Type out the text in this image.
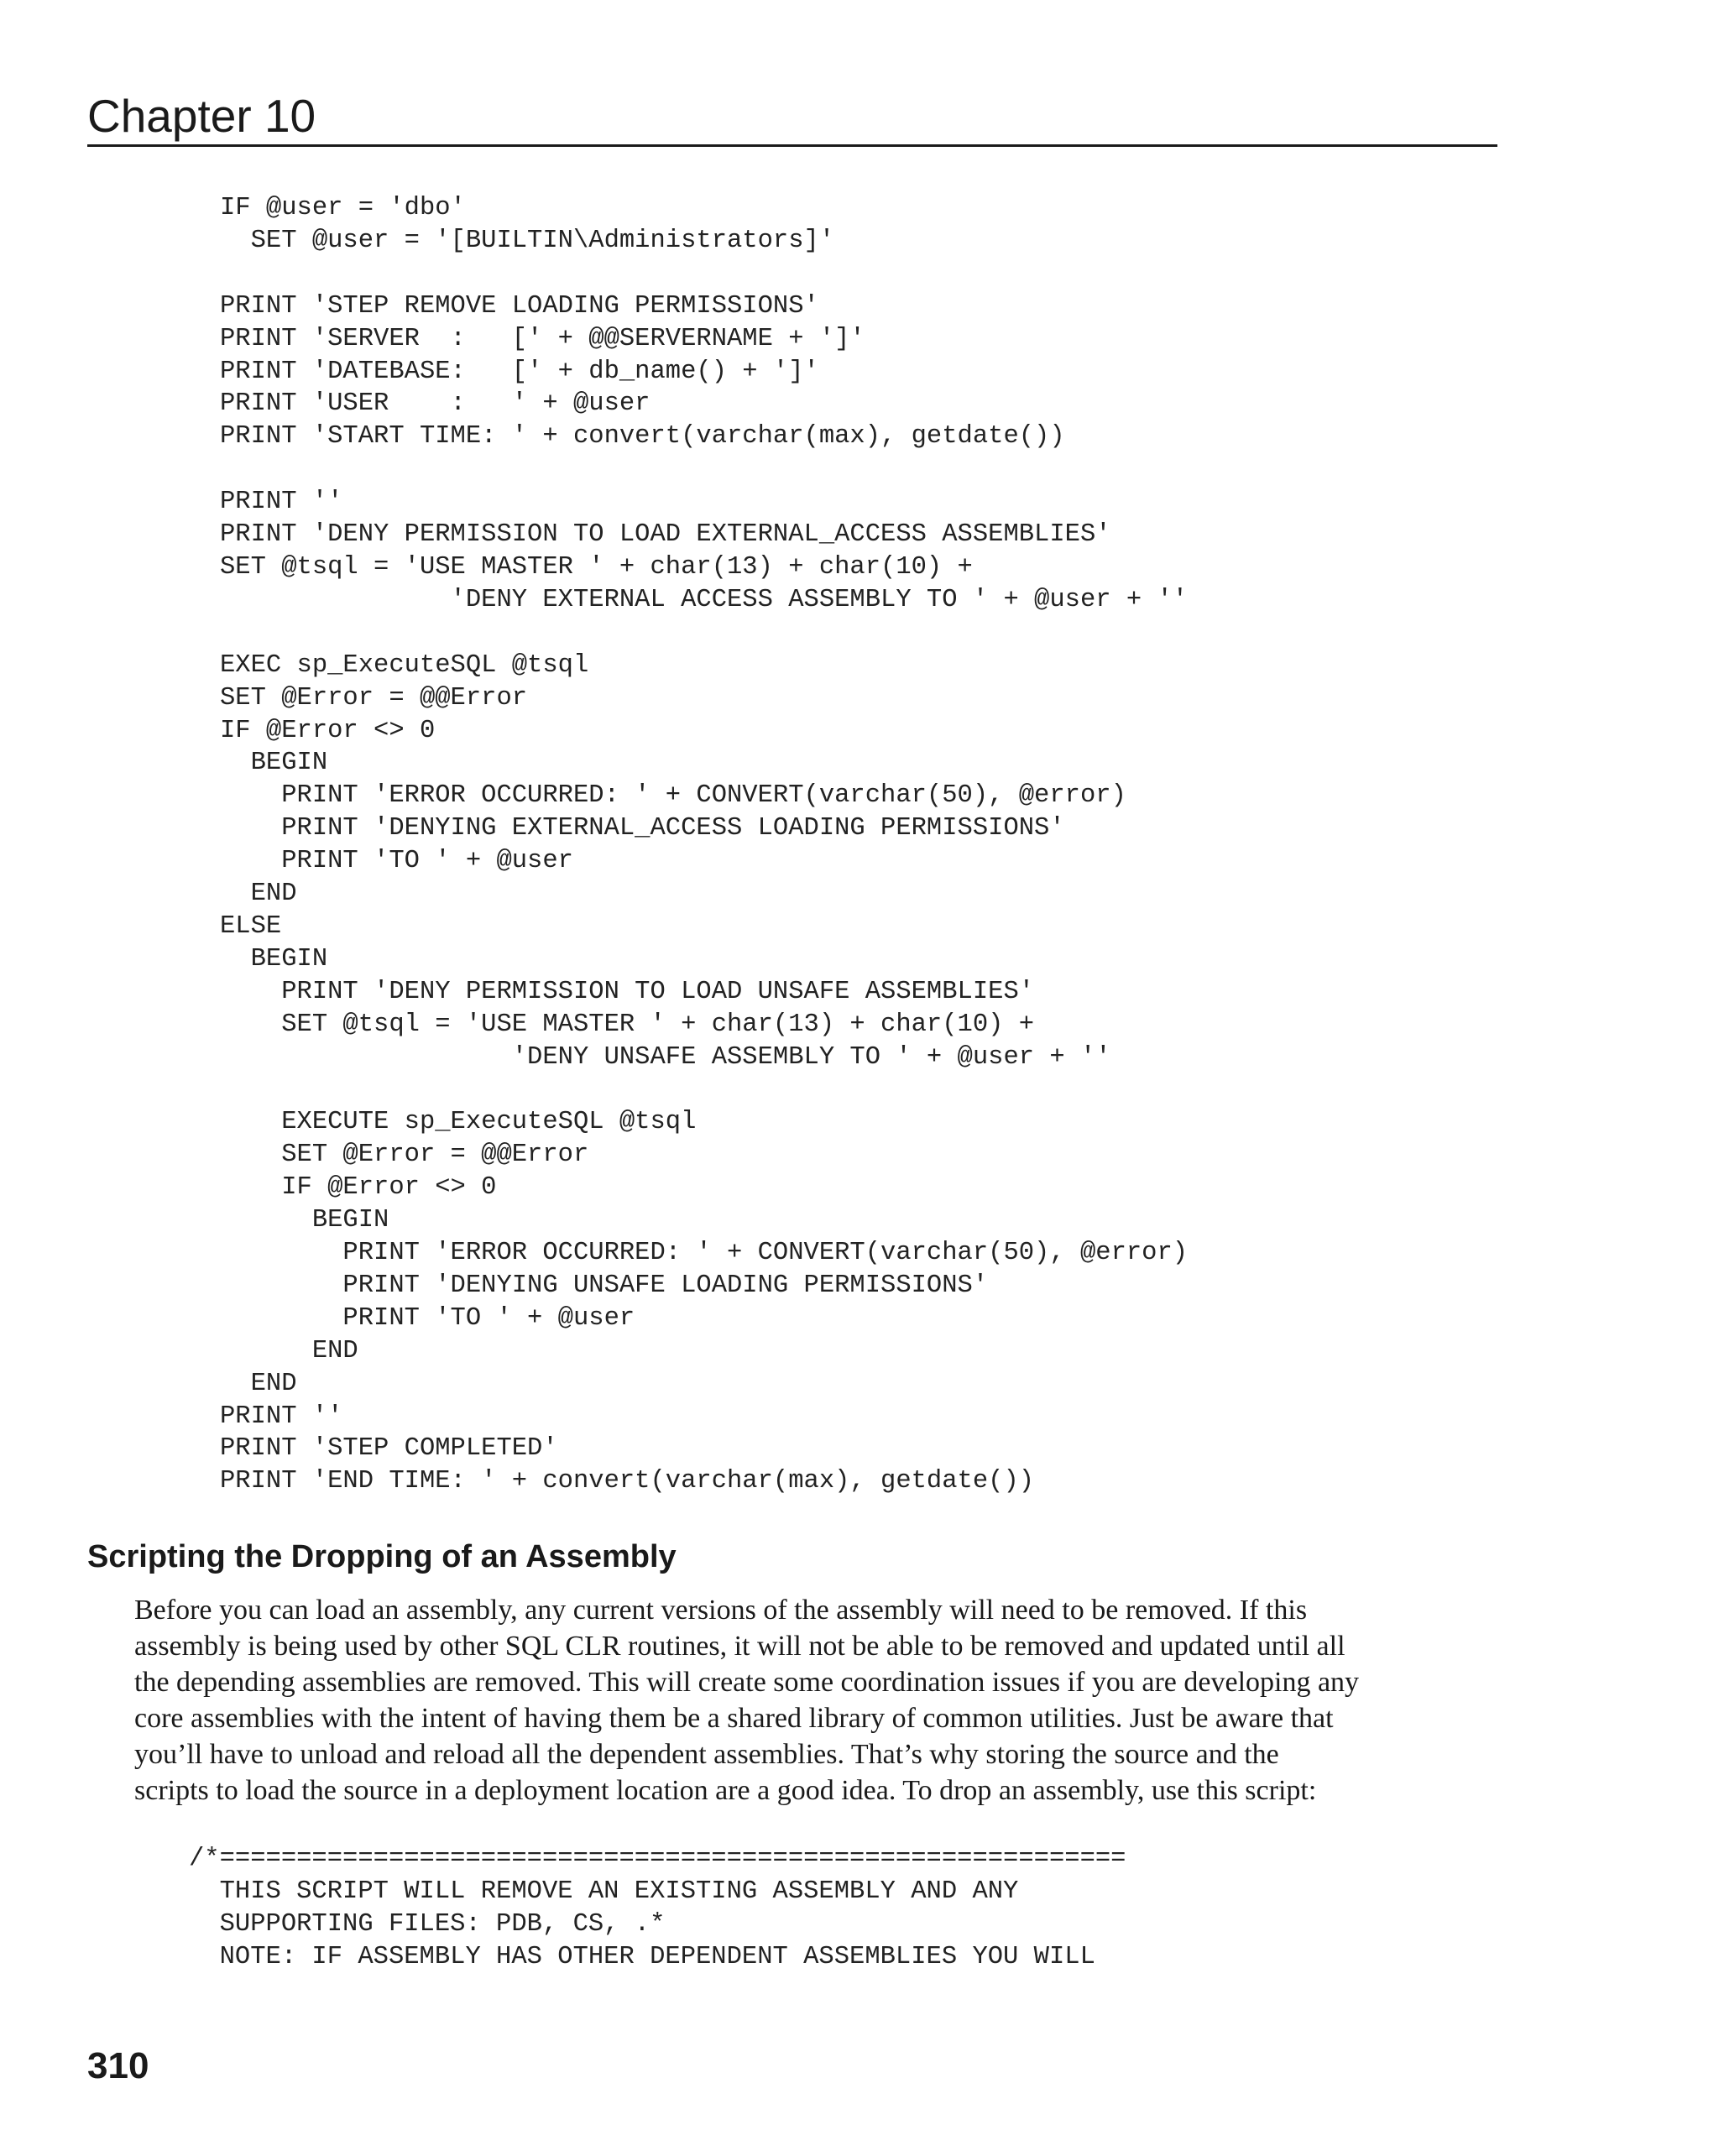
Chapter 10
IF @user = 'dbo'
SET @user = '[BUILTIN\Administrators]'

PRINT 'STEP REMOVE LOADING PERMISSIONS'
PRINT 'SERVER  :   [' + @@SERVERNAME + ']'
PRINT 'DATEBASE:   [' + db_name() + ']'
PRINT 'USER    :   ' + @user
PRINT 'START TIME: ' + convert(varchar(max), getdate())

PRINT ''
PRINT 'DENY PERMISSION TO LOAD EXTERNAL_ACCESS ASSEMBLIES'
SET @tsql = 'USE MASTER ' + char(13) + char(10) +
'DENY EXTERNAL ACCESS ASSEMBLY TO ' + @user + ''

EXEC sp_ExecuteSQL @tsql
SET @Error = @@Error
IF @Error <> 0
BEGIN
PRINT 'ERROR OCCURRED: ' + CONVERT(varchar(50), @error)
PRINT 'DENYING EXTERNAL_ACCESS LOADING PERMISSIONS'
PRINT 'TO ' + @user
END
ELSE
BEGIN
PRINT 'DENY PERMISSION TO LOAD UNSAFE ASSEMBLIES'
SET @tsql = 'USE MASTER ' + char(13) + char(10) +
'DENY UNSAFE ASSEMBLY TO ' + @user + ''

EXECUTE sp_ExecuteSQL @tsql
SET @Error = @@Error
IF @Error <> 0
BEGIN
PRINT 'ERROR OCCURRED: ' + CONVERT(varchar(50), @error)
PRINT 'DENYING UNSAFE LOADING PERMISSIONS'
PRINT 'TO ' + @user
END
END
PRINT ''
PRINT 'STEP COMPLETED'
PRINT 'END TIME: ' + convert(varchar(max), getdate())
Scripting the Dropping of an Assembly

Before you can load an assembly, any current versions of the assembly will need to be removed. If this
assembly is being used by other SQL CLR routines, it will not be able to be removed and updated until all
the depending assemblies are removed. This will create some coordination issues if you are developing any
core assemblies with the intent of having them be a shared library of common utilities. Just be aware that
you’ll have to unload and reload all the dependent assemblies. That’s why storing the source and the
scripts to load the source in a deployment location are a good idea. To drop an assembly, use this script:

/*===========================================================
THIS SCRIPT WILL REMOVE AN EXISTING ASSEMBLY AND ANY
SUPPORTING FILES: PDB, CS, .*
NOTE: IF ASSEMBLY HAS OTHER DEPENDENT ASSEMBLIES YOU WILL
310
